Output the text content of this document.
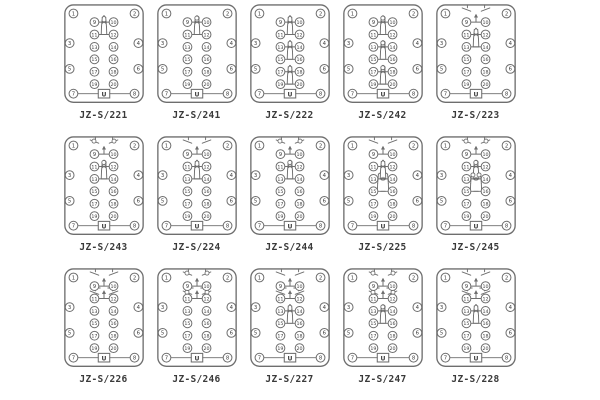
U
1	2
7	8
3
5
4
6
9
11
13
15
17
19
10
12
14
16
18
20
JZ-S/221
U
1	2
7	8
3
5
4
6
9
11
13
15
17
19
10
12
14
16
18
20
JZ-S/241
U
1	2
7	8
3
5
4
6
9
11
13
15
17
19
10
12
14
16
18
20
JZ-S/222
U
1	2
7	8
3
5
4
6
9
11
13
15
17
19
10
12
14
16
18
20
JZ-S/242
U
1	2
7	8
3
5
4
6
9
11
13
15
17
19
10
12
14
16
18
20
JZ-S/223
U
1	2
7	8
3
5
4
6
9
11
13
15
17
19
10
12
14
16
18
20
JZ-S/243
U
1	2
7	8
3
5
4
6
9
11
13
15
17
19
10
12
14
16
18
20
JZ-S/224
U
1	2
7	8
3
5
4
6
9
11
13
15
17
19
10
12
14
16
18
20
JZ-S/244
U
1	2
7	8
3
5
4
6
9
11
13
15
17
19
10
12
14
16
18
20
JZ-S/225
U
1	2
7	8
3
5
4
6
9
11
13
15
17
19
10
12
14
16
18
20
JZ-S/245
U
1	2
7	8
3
5
4
6
9
11
13
15
17
19
10
12
14
16
18
20
JZ-S/226
U
1	2
7	8
3
5
4
6
9
11
13
15
17
19
10
12
14
16
18
20
JZ-S/246
U
1	2
7	8
3
5
4
6
9
11
13
15
17
19
10
12
14
16
18
20
JZ-S/227
U
1	2
7	8
3
5
4
6
9
11
13
15
17
19
10
12
14
16
18
20
JZ-S/247
U
1	2
7	8
3
5
4
6
9
11
13
15
17
19
10
12
14
16
18
20
JZ-S/228
